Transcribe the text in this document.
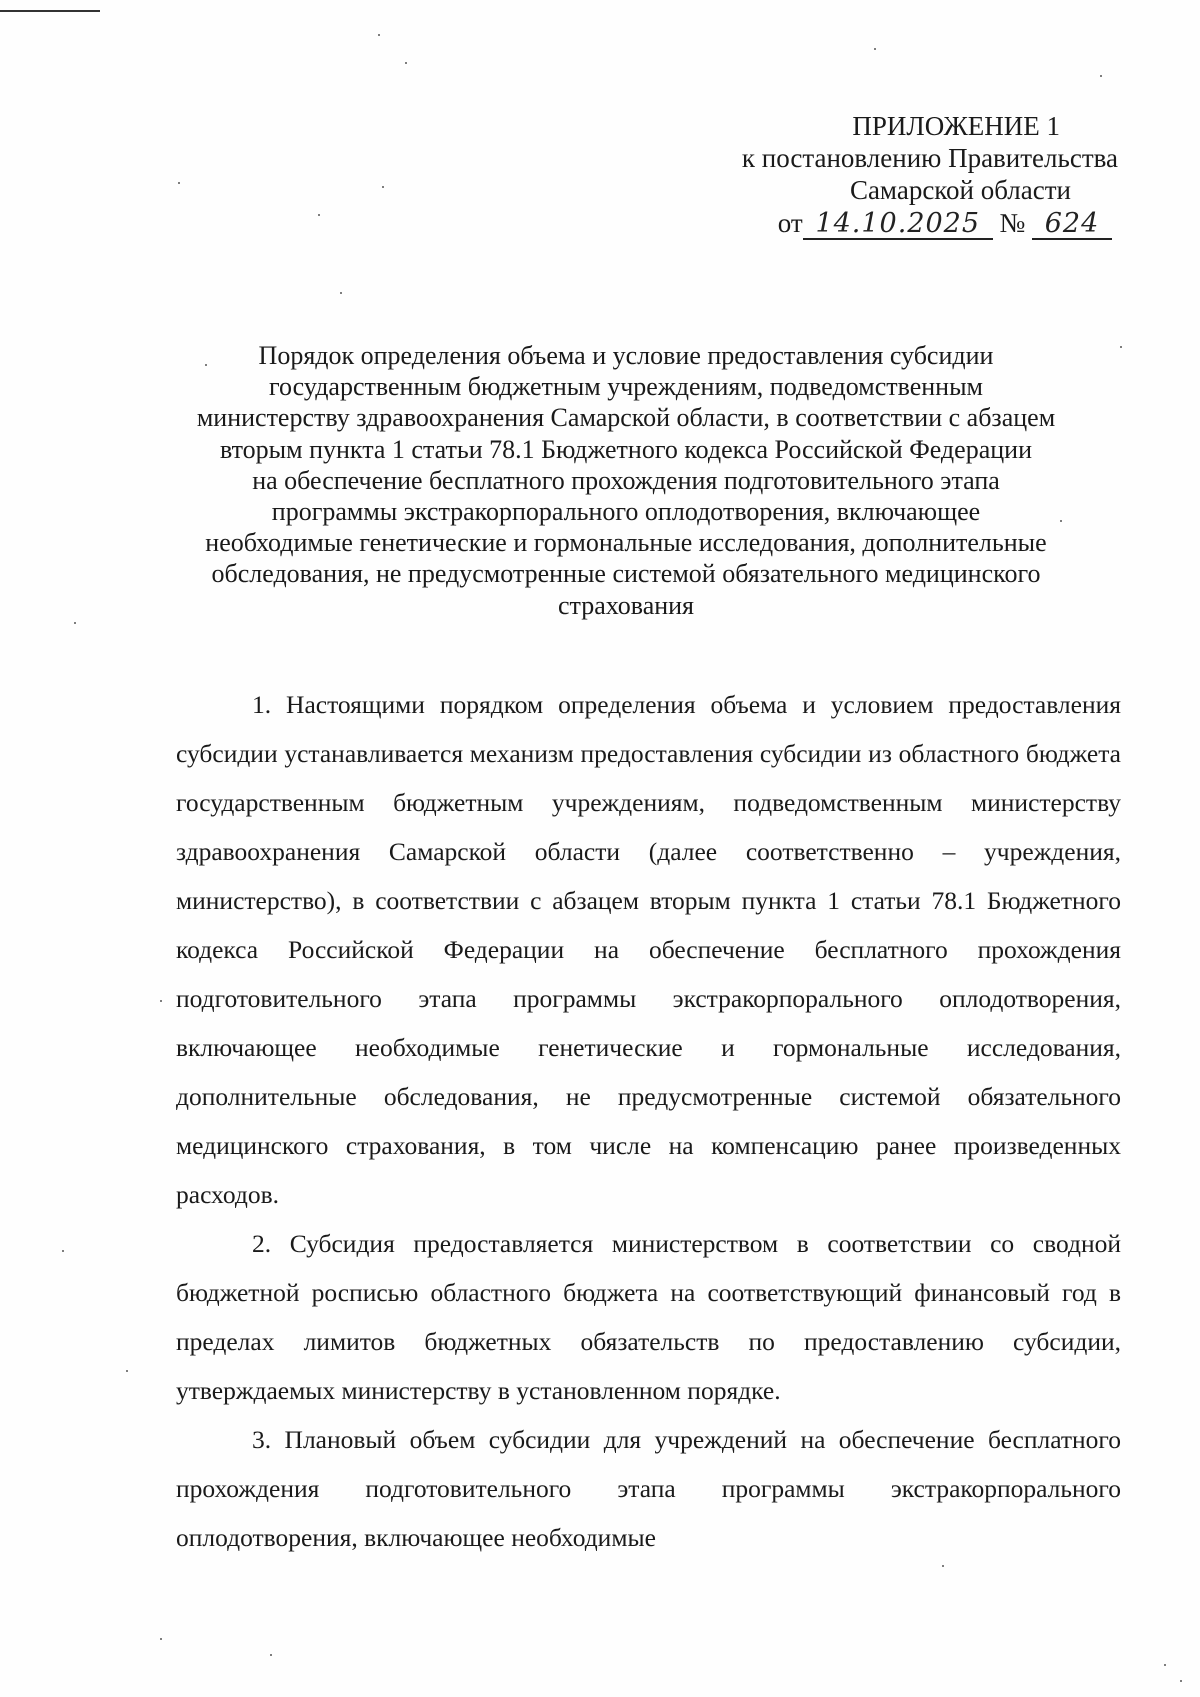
ПРИЛОЖЕНИЕ 1
к постановлению Правительства
Самарской области
от 14.10.2025 № 624
Порядок определения объема и условие предоставления субсидии
государственным бюджетным учреждениям, подведомственным
министерству здравоохранения Самарской области, в соответствии с абзацем
вторым пункта 1 статьи 78.1 Бюджетного кодекса Российской Федерации
на обеспечение бесплатного прохождения подготовительного этапа
программы экстракорпорального оплодотворения, включающее
необходимые генетические и гормональные исследования, дополнительные
обследования, не предусмотренные системой обязательного медицинского
страхования

1. Настоящими порядком определения объема и условием предоставления субсидии устанавливается механизм предоставления субсидии из областного бюджета государственным бюджетным учреждениям, подведомственным министерству здравоохранения Самарской области (далее соответственно – учреждения, министерство), в соответствии с абзацем вторым пункта 1 статьи 78.1 Бюджетного кодекса Российской Федерации на обеспечение бесплатного прохождения подготовительного этапа программы экстракорпорального оплодотворения, включающее необходимые генетические и гормональные исследования, дополнительные обследования, не предусмотренные системой обязательного медицинского страхования, в том числе на компенсацию ранее произведенных расходов.

2. Субсидия предоставляется министерством в соответствии со сводной бюджетной росписью областного бюджета на соответствующий финансовый год в пределах лимитов бюджетных обязательств по предоставлению субсидии, утверждаемых министерству в установленном порядке.

3. Плановый объем субсидии для учреждений на обеспечение бесплатного прохождения подготовительного этапа программы экстракорпорального оплодотворения, включающее необходимые
